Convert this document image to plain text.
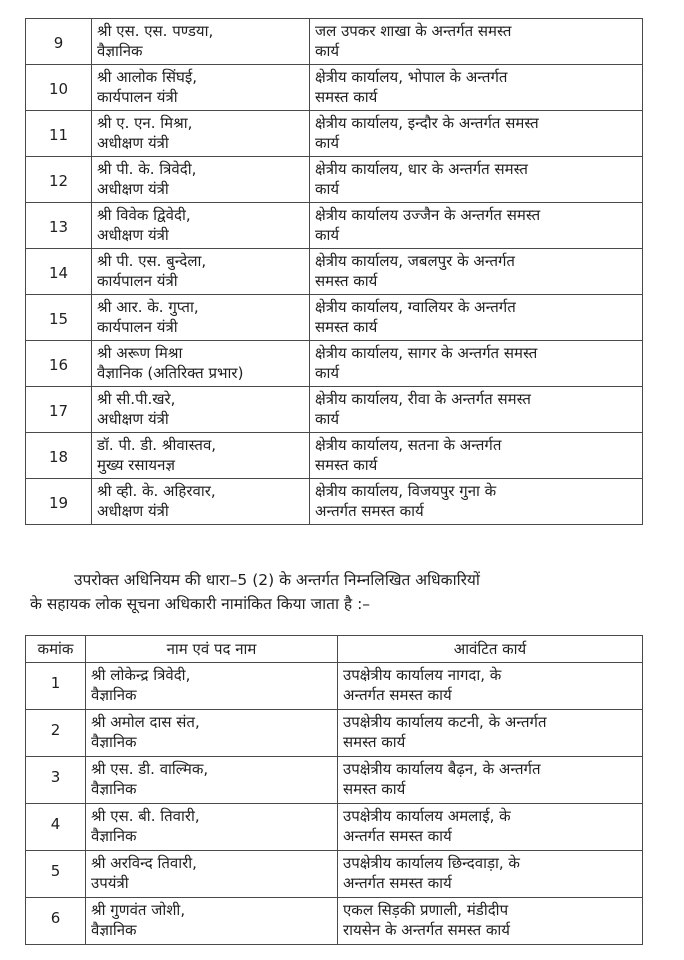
9	श्री एस. एस. पण्डया,
वैज्ञानिक	जल उपकर शाखा के अन्तर्गत समस्त
कार्य

10	श्री आलोक सिंघई,
कार्यपालन यंत्री	क्षेत्रीय कार्यालय, भोपाल के अन्तर्गत
समस्त कार्य

11	श्री ए. एन. मिश्रा,
अधीक्षण यंत्री	क्षेत्रीय कार्यालय, इन्दौर के अन्तर्गत समस्त
कार्य

12	श्री पी. के. त्रिवेदी,
अधीक्षण यंत्री	क्षेत्रीय कार्यालय, धार के अन्तर्गत समस्त
कार्य

13	श्री विवेक द्विवेदी,
अधीक्षण यंत्री	क्षेत्रीय कार्यालय उज्जैन के अन्तर्गत समस्त
कार्य

14	श्री पी. एस. बुन्देला,
कार्यपालन यंत्री	क्षेत्रीय कार्यालय, जबलपुर के अन्तर्गत
समस्त कार्य

15	श्री आर. के. गुप्ता,
कार्यपालन यंत्री	क्षेत्रीय कार्यालय, ग्वालियर के अन्तर्गत
समस्त कार्य

16	श्री अरूण मिश्रा
वैज्ञानिक (अतिरिक्त प्रभार)	क्षेत्रीय कार्यालय, सागर के अन्तर्गत समस्त
कार्य

17	श्री सी.पी.खरे,
अधीक्षण यंत्री	क्षेत्रीय कार्यालय, रीवा के अन्तर्गत समस्त
कार्य

18	डॉ. पी. डी. श्रीवास्तव,
मुख्य रसायनज्ञ	क्षेत्रीय कार्यालय, सतना के अन्तर्गत
समस्त कार्य

19	श्री व्ही. के. अहिरवार,
अधीक्षण यंत्री	क्षेत्रीय कार्यालय, विजयपुर गुना के
अन्तर्गत समस्त कार्य
उपरोक्त अधिनियम की धारा–5 (2) के अन्तर्गत निम्नलिखित अधिकारियों
के सहायक लोक सूचना अधिकारी नामांकित किया जाता है :–
कमांक	नाम एवं पद नाम	आवंटित कार्य
1	श्री लोकेन्द्र त्रिवेदी,
वैज्ञानिक	उपक्षेत्रीय कार्यालय नागदा, के
अन्तर्गत समस्त कार्य

2	श्री अमोल दास संत,
वैज्ञानिक	उपक्षेत्रीय कार्यालय कटनी, के अन्तर्गत
समस्त कार्य

3	श्री एस. डी. वाल्मिक,
वैज्ञानिक	उपक्षेत्रीय कार्यालय बैढ़न, के अन्तर्गत
समस्त कार्य

4	श्री एस. बी. तिवारी,
वैज्ञानिक	उपक्षेत्रीय कार्यालय अमलाई, के
अन्तर्गत समस्त कार्य

5	श्री अरविन्द तिवारी,
उपयंत्री	उपक्षेत्रीय कार्यालय छिन्दवाड़ा, के
अन्तर्गत समस्त कार्य

6	श्री गुणवंत जोशी,
वैज्ञानिक	एकल सिड़की प्रणाली, मंडीदीप
रायसेन के अन्तर्गत समस्त कार्य
